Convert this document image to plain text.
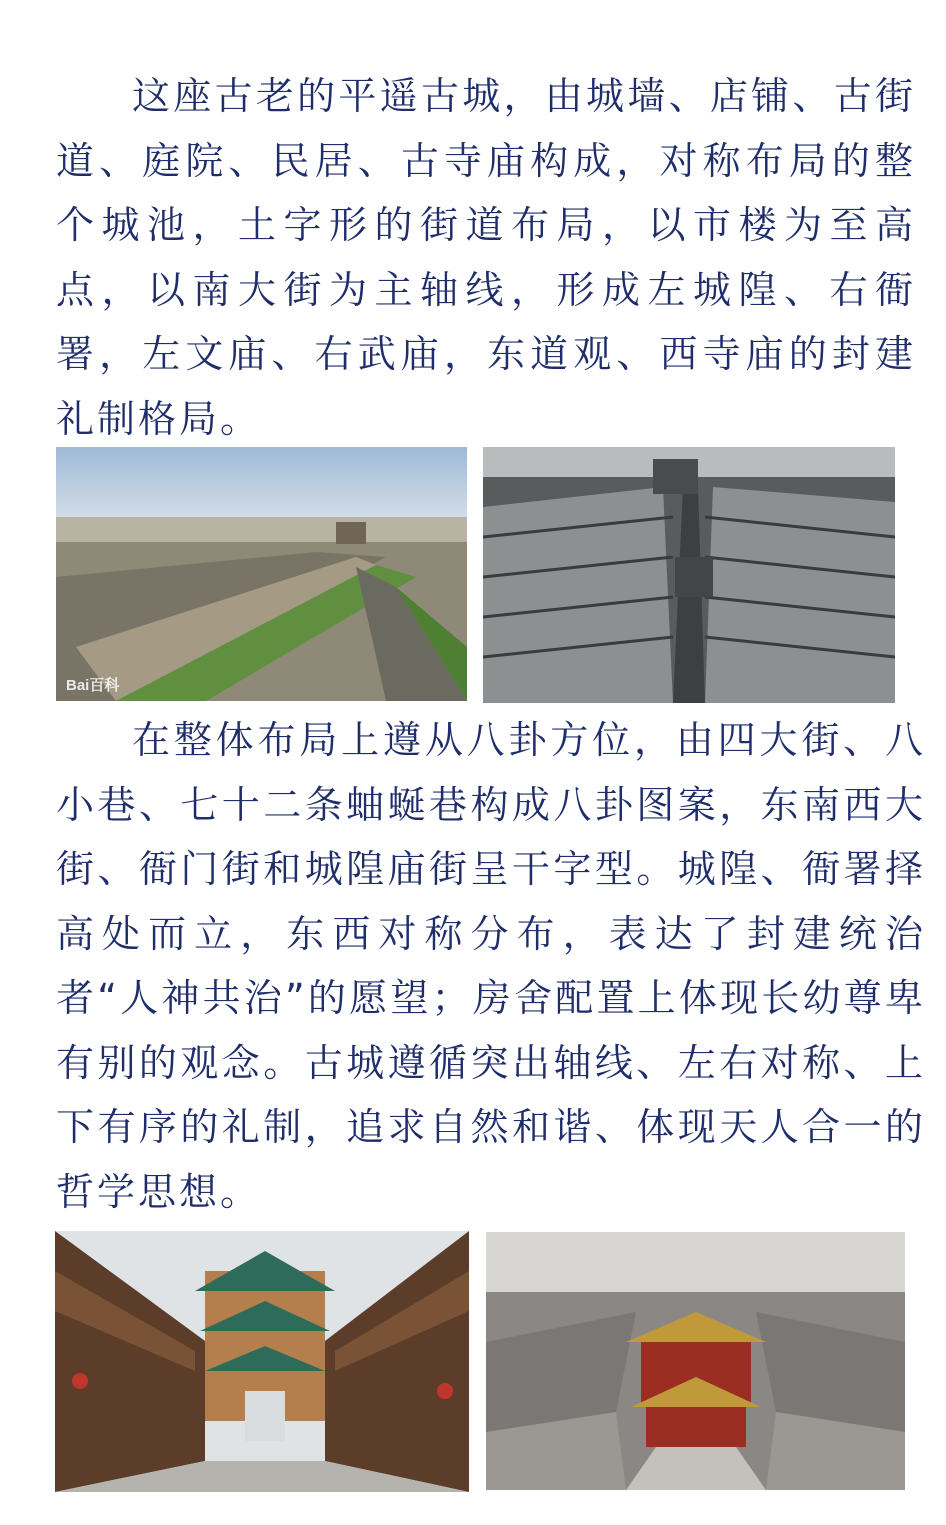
这座古老的平遥古城，由城墙、店铺、古街道、庭院、民居、古寺庙构成，对称布局的整个城池，土字形的街道布局，以市楼为至高点，以南大街为主轴线，形成左城隍、右衙署，左文庙、右武庙，东道观、西寺庙的封建礼制格局。

Bai百科

在整体布局上遵从八卦方位，由四大街、八小巷、七十二条蚰蜒巷构成八卦图案，东南西大街、衙门街和城隍庙街呈干字型。城隍、衙署择高处而立，东西对称分布，表达了封建统治者“人神共治”的愿望；房舍配置上体现长幼尊卑有别的观念。古城遵循突出轴线、左右对称、上下有序的礼制，追求自然和谐、体现天人合一的哲学思想。
